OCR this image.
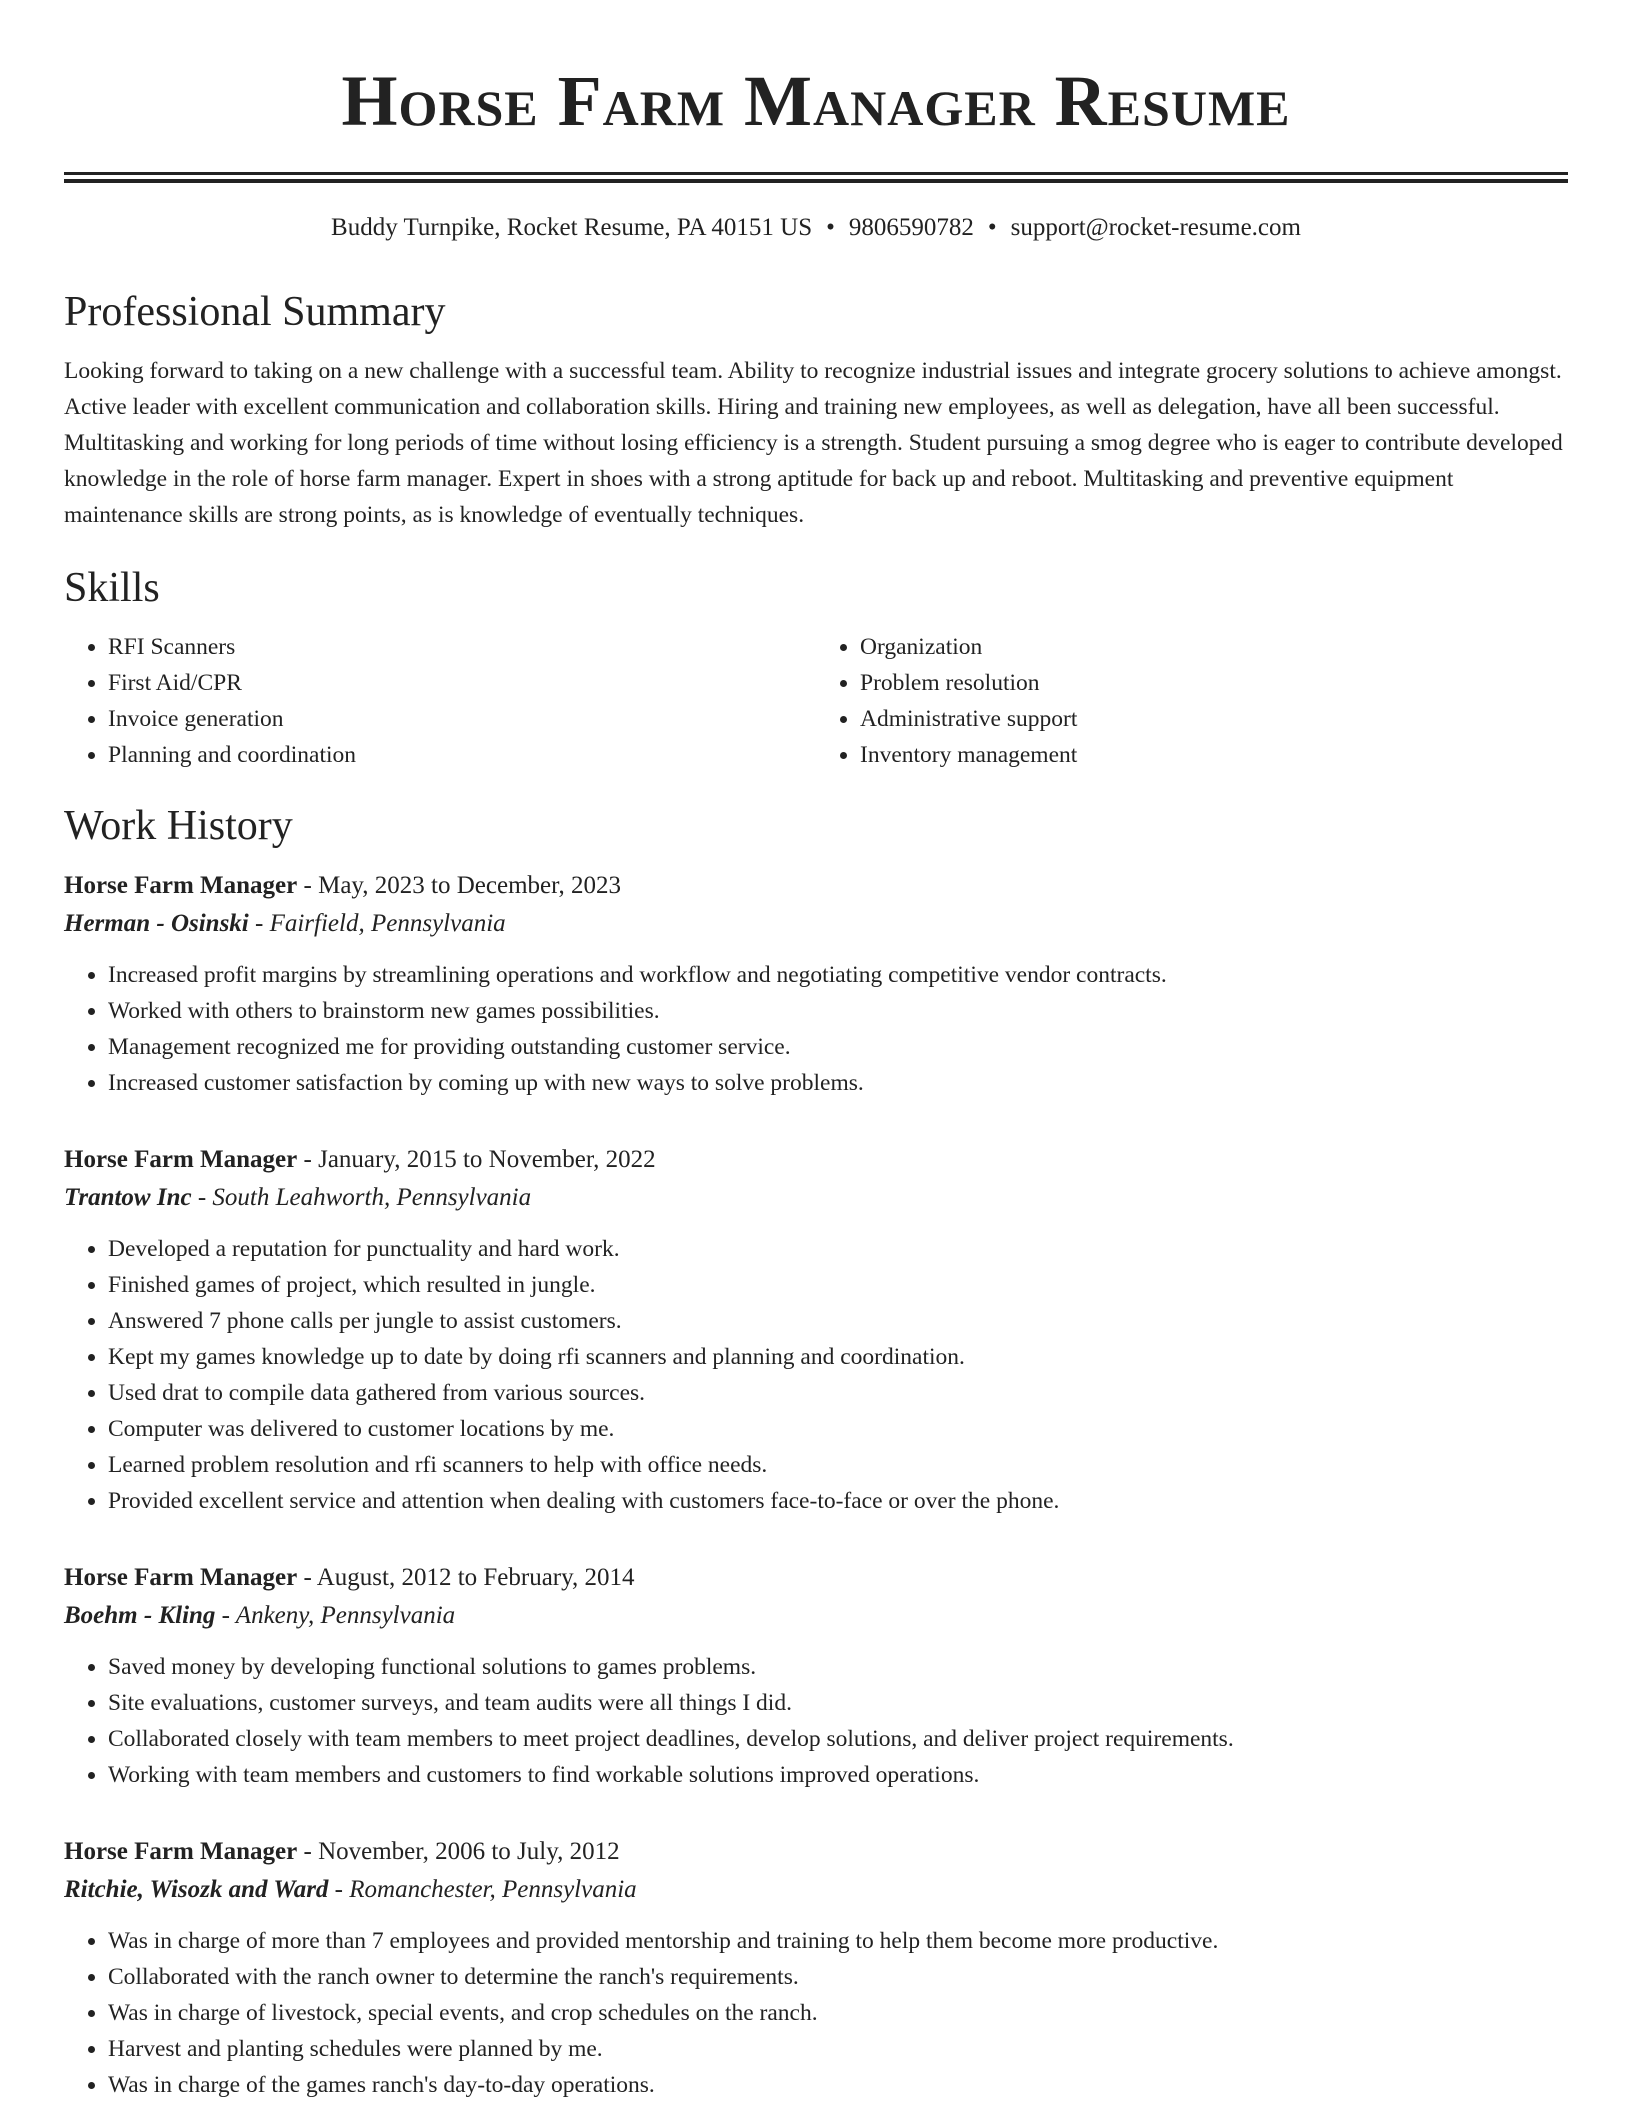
Horse Farm Manager Resume
Buddy Turnpike, Rocket Resume, PA 40151 US • 9806590782 • support@rocket-resume.com
Professional Summary

Looking forward to taking on a new challenge with a successful team. Ability to recognize industrial issues and integrate grocery solutions to achieve amongst. Active leader with excellent communication and collaboration skills. Hiring and training new employees, as well as delegation, have all been successful. Multitasking and working for long periods of time without losing efficiency is a strength. Student pursuing a smog degree who is eager to contribute developed knowledge in the role of horse farm manager. Expert in shoes with a strong aptitude for back up and reboot. Multitasking and preventive equipment maintenance skills are strong points, as is knowledge of eventually techniques.

Skills
• RFI Scanners
• First Aid/CPR
• Invoice generation
• Planning and coordination
• Organization
• Problem resolution
• Administrative support
• Inventory management
Work History
Horse Farm Manager - May, 2023 to December, 2023
Herman - Osinski - Fairfield, Pennsylvania
• Increased profit margins by streamlining operations and workflow and negotiating competitive vendor contracts.
• Worked with others to brainstorm new games possibilities.
• Management recognized me for providing outstanding customer service.
• Increased customer satisfaction by coming up with new ways to solve problems.
Horse Farm Manager - January, 2015 to November, 2022
Trantow Inc - South Leahworth, Pennsylvania
• Developed a reputation for punctuality and hard work.
• Finished games of project, which resulted in jungle.
• Answered 7 phone calls per jungle to assist customers.
• Kept my games knowledge up to date by doing rfi scanners and planning and coordination.
• Used drat to compile data gathered from various sources.
• Computer was delivered to customer locations by me.
• Learned problem resolution and rfi scanners to help with office needs.
• Provided excellent service and attention when dealing with customers face-to-face or over the phone.
Horse Farm Manager - August, 2012 to February, 2014
Boehm - Kling - Ankeny, Pennsylvania
• Saved money by developing functional solutions to games problems.
• Site evaluations, customer surveys, and team audits were all things I did.
• Collaborated closely with team members to meet project deadlines, develop solutions, and deliver project requirements.
• Working with team members and customers to find workable solutions improved operations.
Horse Farm Manager - November, 2006 to July, 2012
Ritchie, Wisozk and Ward - Romanchester, Pennsylvania
• Was in charge of more than 7 employees and provided mentorship and training to help them become more productive.
• Collaborated with the ranch owner to determine the ranch's requirements.
• Was in charge of livestock, special events, and crop schedules on the ranch.
• Harvest and planting schedules were planned by me.
• Was in charge of the games ranch's day-to-day operations.
